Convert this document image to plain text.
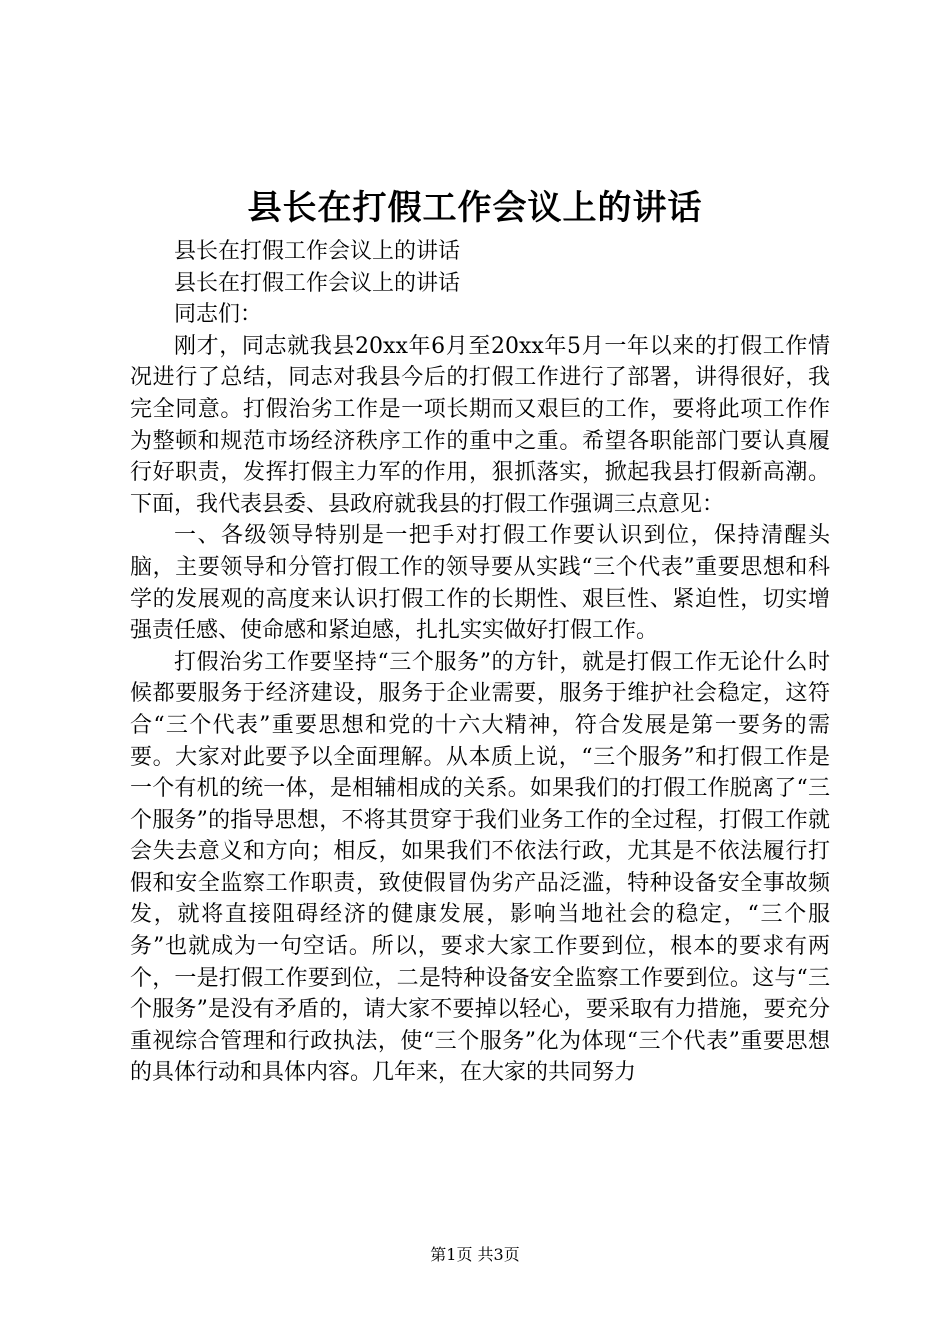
县长在打假工作会议上的讲话

县长在打假工作会议上的讲话

县长在打假工作会议上的讲话

同志们：

刚才，同志就我县20xx年6月至20xx年5月一年以来的打假工作情况进行了总结，同志对我县今后的打假工作进行了部署，讲得很好，我完全同意。打假治劣工作是一项长期而又艰巨的工作，要将此项工作作为整顿和规范市场经济秩序工作的重中之重。希望各职能部门要认真履行好职责，发挥打假主力军的作用，狠抓落实，掀起我县打假新高潮。下面，我代表县委、县政府就我县的打假工作强调三点意见：

一、各级领导特别是一把手对打假工作要认识到位，保持清醒头脑，主要领导和分管打假工作的领导要从实践“三个代表”重要思想和科学的发展观的高度来认识打假工作的长期性、艰巨性、紧迫性，切实增强责任感、使命感和紧迫感，扎扎实实做好打假工作。

打假治劣工作要坚持“三个服务”的方针，就是打假工作无论什么时候都要服务于经济建设，服务于企业需要，服务于维护社会稳定，这符合“三个代表”重要思想和党的十六大精神，符合发展是第一要务的需要。大家对此要予以全面理解。从本质上说，“三个服务”和打假工作是一个有机的统一体，是相辅相成的关系。如果我们的打假工作脱离了“三个服务”的指导思想，不将其贯穿于我们业务工作的全过程，打假工作就会失去意义和方向；相反，如果我们不依法行政，尤其是不依法履行打假和安全监察工作职责，致使假冒伪劣产品泛滥，特种设备安全事故频发，就将直接阻碍经济的健康发展，影响当地社会的稳定，“三个服务”也就成为一句空话。所以，要求大家工作要到位，根本的要求有两个，一是打假工作要到位，二是特种设备安全监察工作要到位。这与“三个服务”是没有矛盾的，请大家不要掉以轻心，要采取有力措施，要充分重视综合管理和行政执法，使“三个服务”化为体现“三个代表”重要思想的具体行动和具体内容。几年来，在大家的共同努力

第1页 共3页
